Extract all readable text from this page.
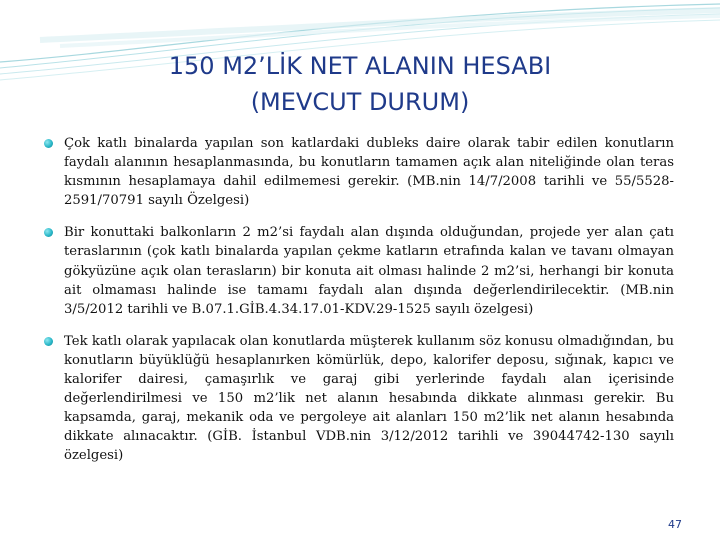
150 M2’LİK NET ALANIN HESABI
(MEVCUT DURUM)
Çok katlı binalarda yapılan son katlardaki dubleks daire olarak tabir edilen konutların faydalı alanının hesaplanmasında, bu konutların tamamen açık alan niteliğinde olan teras kısmının hesaplamaya dahil edilmemesi gerekir. (MB.nin 14/7/2008 tarihli ve 55/5528-2591/70791 sayılı Özelgesi)
Bir konuttaki balkonların 2 m2’si faydalı alan dışında olduğundan, projede yer alan çatı teraslarının (çok katlı binalarda yapılan çekme katların etrafında kalan ve tavanı olmayan gökyüzüne açık olan terasların) bir konuta ait olması halinde 2 m2’si, herhangi bir konuta ait olmaması halinde ise tamamı faydalı alan dışında değerlendirilecektir. (MB.nin 3/5/2012 tarihli ve B.07.1.GİB.4.34.17.01-KDV.29-1525 sayılı özelgesi)
Tek katlı olarak yapılacak olan konutlarda müşterek kullanım söz konusu olmadığından, bu konutların büyüklüğü hesaplanırken kömürlük, depo, kalorifer deposu, sığınak, kapıcı ve kalorifer dairesi, çamaşırlık ve garaj gibi yerlerinde faydalı alan içerisinde değerlendirilmesi ve 150 m2’lik net alanın hesabında dikkate alınması gerekir. Bu kapsamda, garaj, mekanik oda ve pergoleye ait alanları 150 m2’lik net alanın hesabında dikkate alınacaktır. (GİB. İstanbul VDB.nin 3/12/2012 tarihli ve 39044742-130 sayılı özelgesi)
47
